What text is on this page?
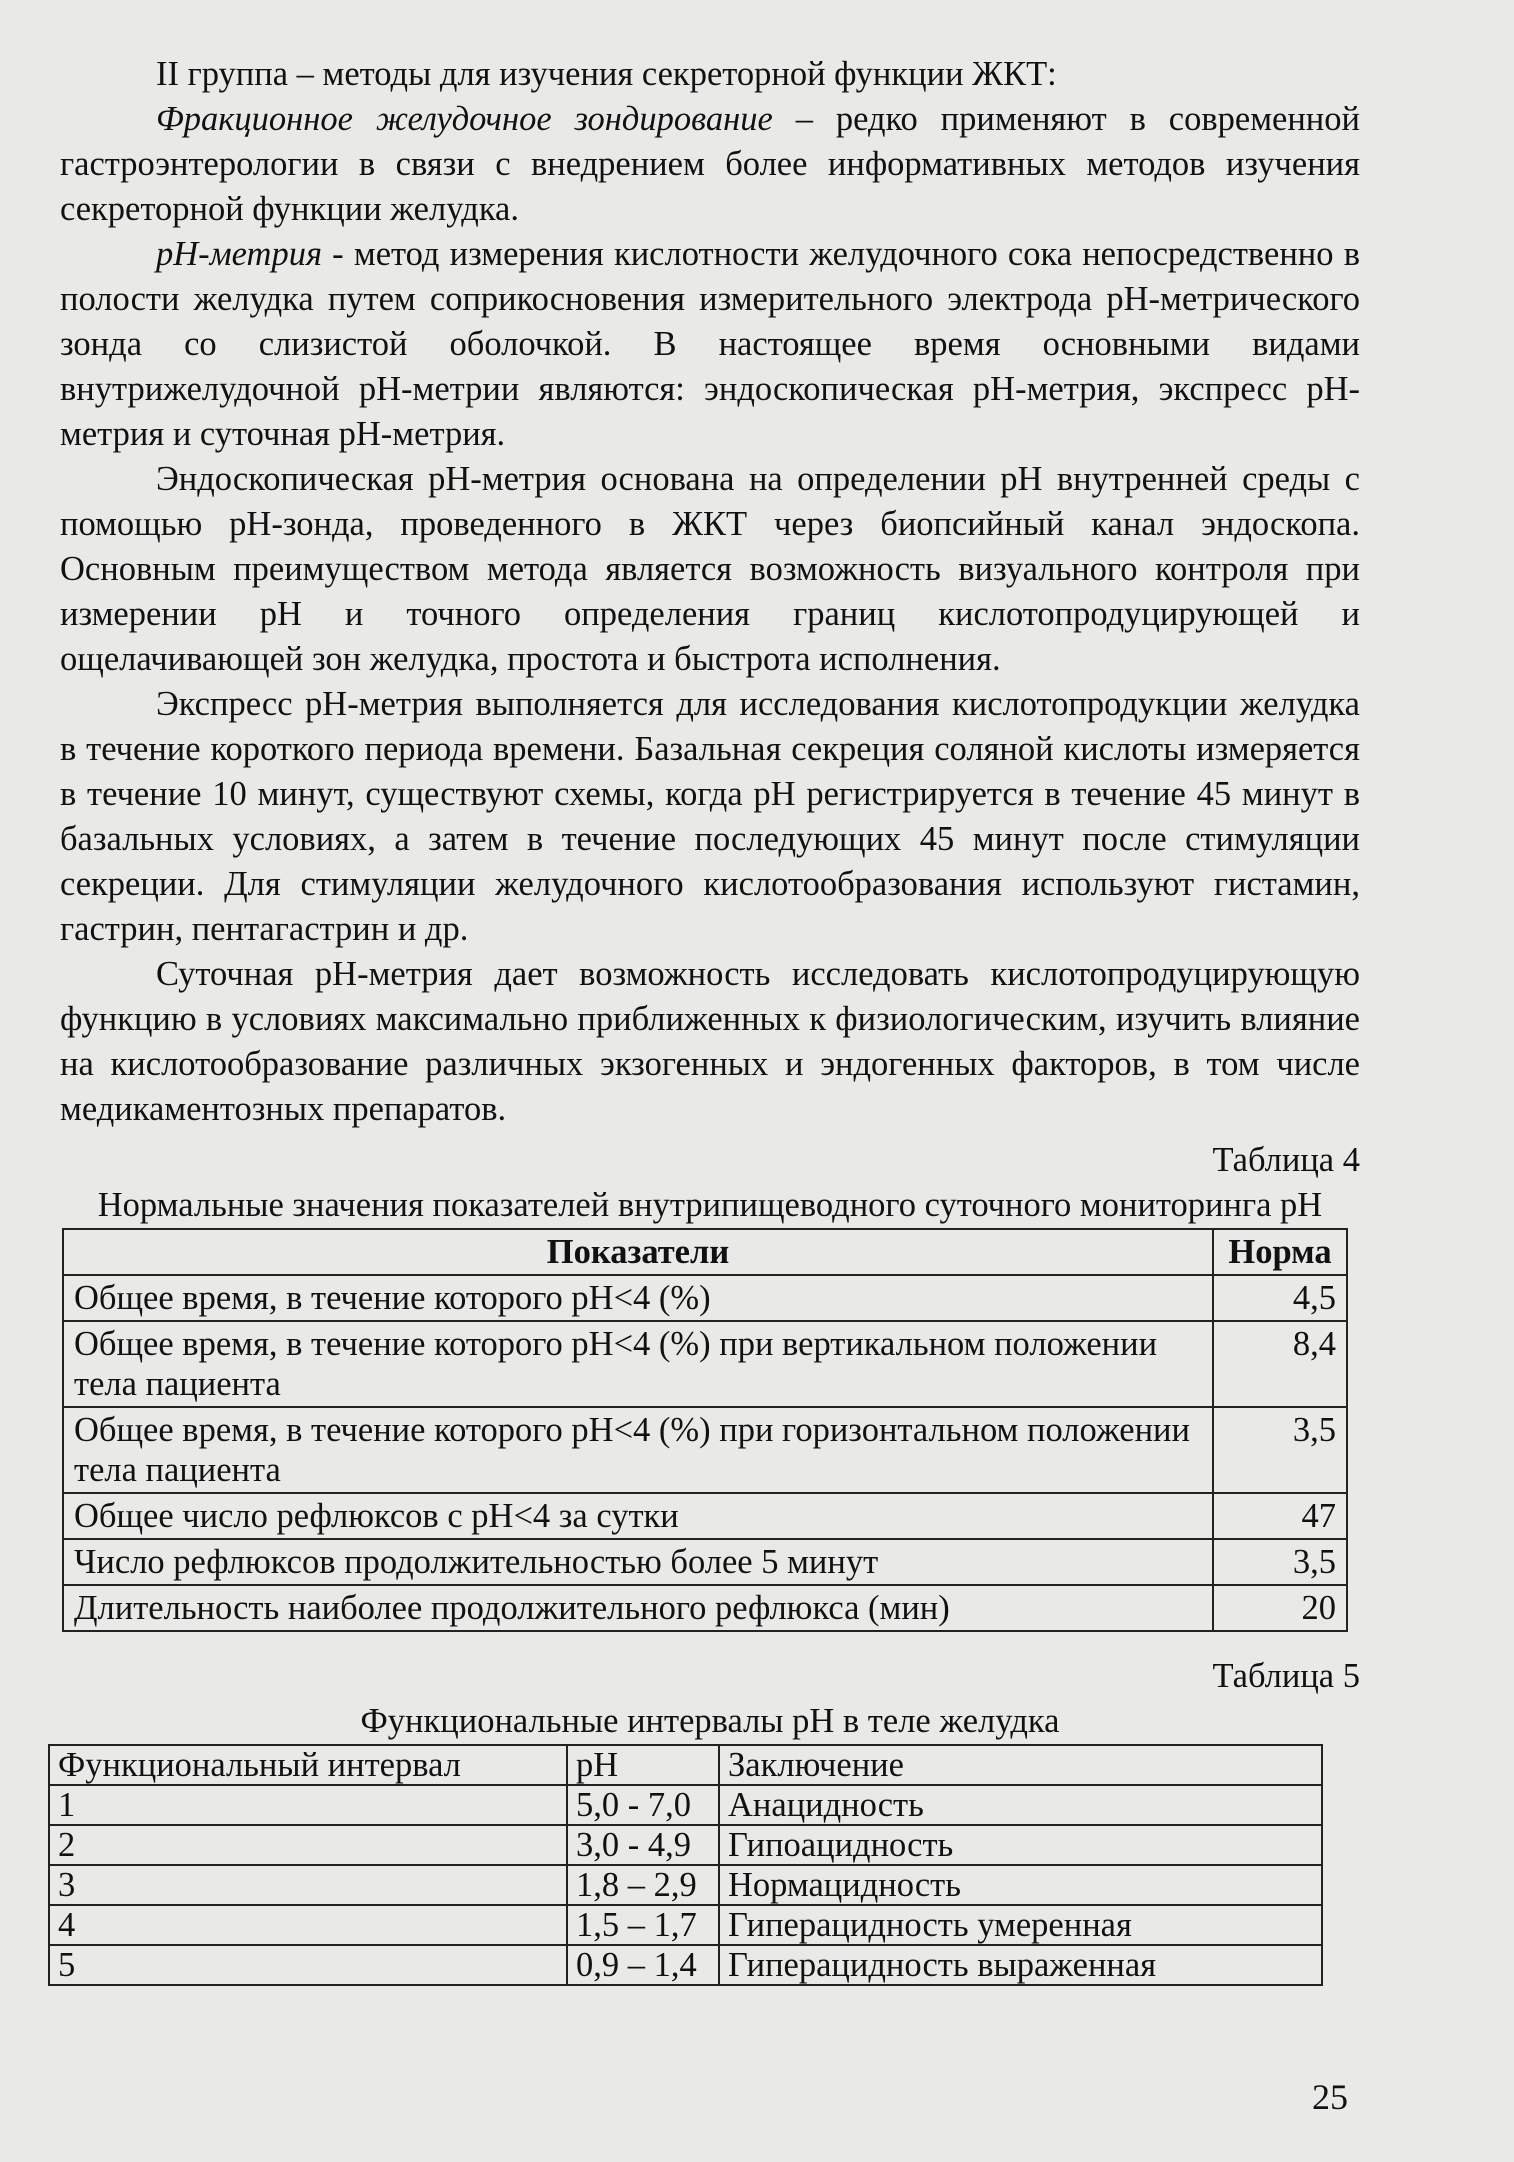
II группа – методы для изучения секреторной функции ЖКТ:

Фракционное желудочное зондирование – редко применяют в современной гастроэнтерологии в связи с внедрением более информативных методов изучения секреторной функции желудка.

pH-метрия - метод измерения кислотности желудочного сока непосредственно в полости желудка путем соприкосновения измерительного электрода pH-метрического зонда со слизистой оболочкой. В настоящее время основными видами внутрижелудочной pH-метрии являются: эндоскопическая pH-метрия, экспресс pH-метрия и суточная pH-метрия.

Эндоскопическая pH-метрия основана на определении pH внутренней среды с помощью pH-зонда, проведенного в ЖКТ через биопсийный канал эндоскопа. Основным преимуществом метода является возможность визуального контроля при измерении pH и точного определения границ кислотопродуцирующей и ощелачивающей зон желудка, простота и быстрота исполнения.

Экспресс pH-метрия выполняется для исследования кислотопродукции желудка в течение короткого периода времени. Базальная секреция соляной кислоты измеряется в течение 10 минут, существуют схемы, когда pH регистрируется в течение 45 минут в базальных условиях, а затем в течение последующих 45 минут после стимуляции секреции. Для стимуляции желудочного кислотообразования используют гистамин, гастрин, пентагастрин и др.

Суточная pH-метрия дает возможность исследовать кислотопродуцирующую функцию в условиях максимально приближенных к физиологическим, изучить влияние на кислотообразование различных экзогенных и эндогенных факторов, в том числе медикаментозных препаратов.

Таблица 4

Нормальные значения показателей внутрипищеводного суточного мониторинга pH

Показатели	Норма
Общее время, в течение которого pH<4 (%)	4,5
Общее время, в течение которого pH<4 (%) при вертикальном положении тела пациента	8,4
Общее время, в течение которого pH<4 (%) при горизонтальном положении тела пациента	3,5
Общее число рефлюксов с pH<4 за сутки	47
Число рефлюксов продолжительностью более 5 минут	3,5
Длительность наиболее продолжительного рефлюкса (мин)	20

Таблица 5

Функциональные интервалы pH в теле желудка

Функциональный интервал	pH	Заключение
1	5,0 - 7,0	Анацидность
2	3,0 - 4,9	Гипоацидность
3	1,8 – 2,9	Нормацидность
4	1,5 – 1,7	Гиперацидность умеренная
5	0,9 – 1,4	Гиперацидность выраженная
25
